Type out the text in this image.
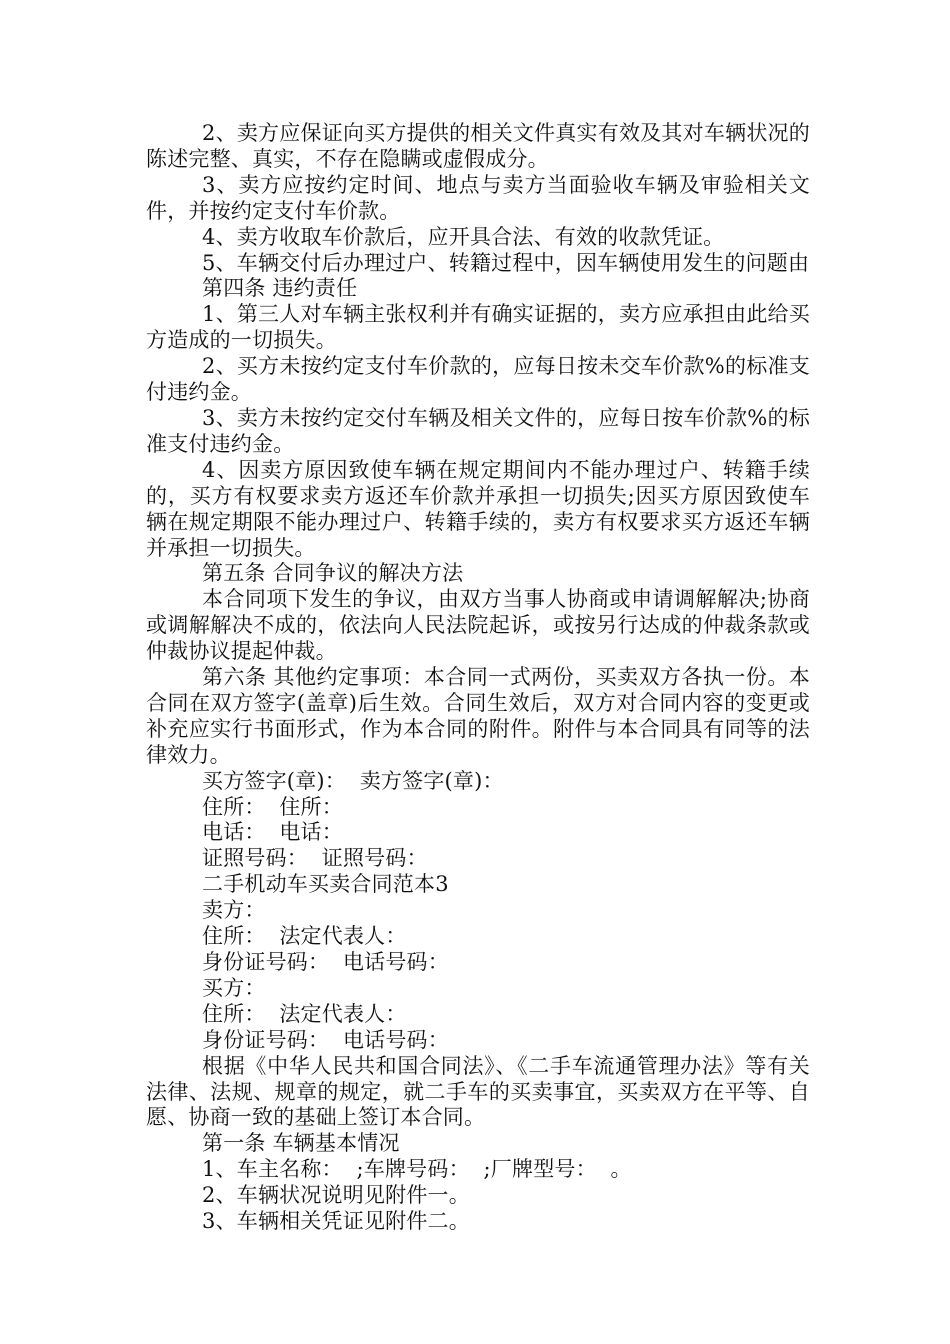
2、卖方应保证向买方提供的相关文件真实有效及其对车辆状况的陈述完整、真实，不存在隐瞒或虚假成分。

3、卖方应按约定时间、地点与卖方当面验收车辆及审验相关文件，并按约定支付车价款。

4、卖方收取车价款后，应开具合法、有效的收款凭证。

5、车辆交付后办理过户、转籍过程中，因车辆使用发生的问题由

第四条 违约责任

1、第三人对车辆主张权利并有确实证据的，卖方应承担由此给买方造成的一切损失。

2、买方未按约定支付车价款的，应每日按未交车价款%的标准支付违约金。

3、卖方未按约定交付车辆及相关文件的，应每日按车价款%的标准支付违约金。

4、因卖方原因致使车辆在规定期间内不能办理过户、转籍手续的，买方有权要求卖方返还车价款并承担一切损失;因买方原因致使车辆在规定期限不能办理过户、转籍手续的，卖方有权要求买方返还车辆并承担一切损失。

第五条 合同争议的解决方法

本合同项下发生的争议，由双方当事人协商或申请调解解决;协商或调解解决不成的，依法向人民法院起诉，或按另行达成的仲裁条款或仲裁协议提起仲裁。

第六条 其他约定事项：本合同一式两份，买卖双方各执一份。本合同在双方签字(盖章)后生效。合同生效后，双方对合同内容的变更或补充应实行书面形式，作为本合同的附件。附件与本合同具有同等的法律效力。

买方签字(章)：  卖方签字(章)：

住所：  住所：

电话：  电话：

证照号码：  证照号码：

二手机动车买卖合同范本3

卖方：

住所：  法定代表人：

身份证号码：  电话号码：

买方：

住所：  法定代表人：

身份证号码：  电话号码：

根据《中华人民共和国合同法》、《二手车流通管理办法》等有关法律、法规、规章的规定，就二手车的买卖事宜，买卖双方在平等、自愿、协商一致的基础上签订本合同。

第一条 车辆基本情况

1、车主名称：  ;车牌号码：  ;厂牌型号：  。

2、车辆状况说明见附件一。

3、车辆相关凭证见附件二。
